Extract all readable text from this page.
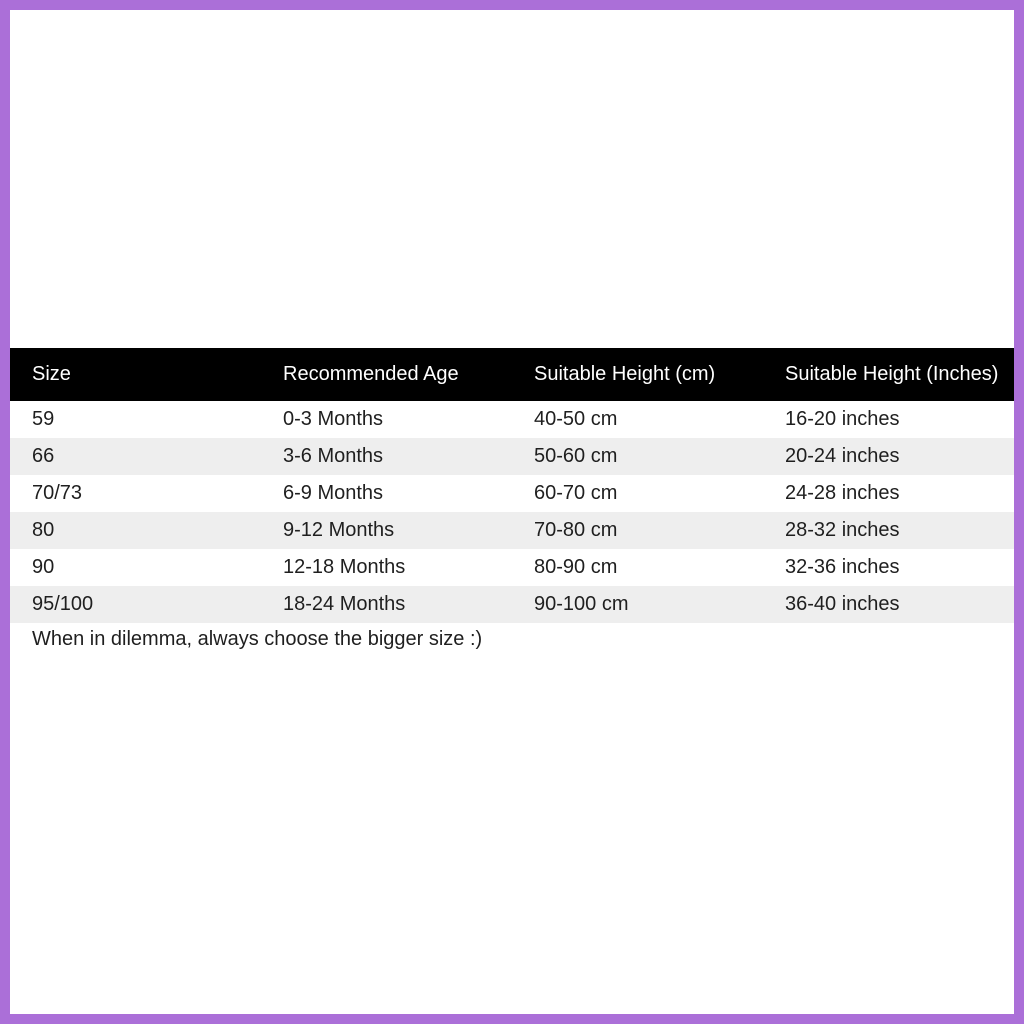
Size	Recommended Age	Suitable Height (cm)	Suitable Height (Inches)
59	0-3 Months	40-50 cm	16-20 inches
66	3-6 Months	50-60 cm	20-24 inches
70/73	6-9 Months	60-70 cm	24-28 inches
80	9-12 Months	70-80 cm	28-32 inches
90	12-18 Months	80-90 cm	32-36 inches
95/100	18-24 Months	90-100 cm	36-40 inches
When in dilemma, always choose the bigger size :)
